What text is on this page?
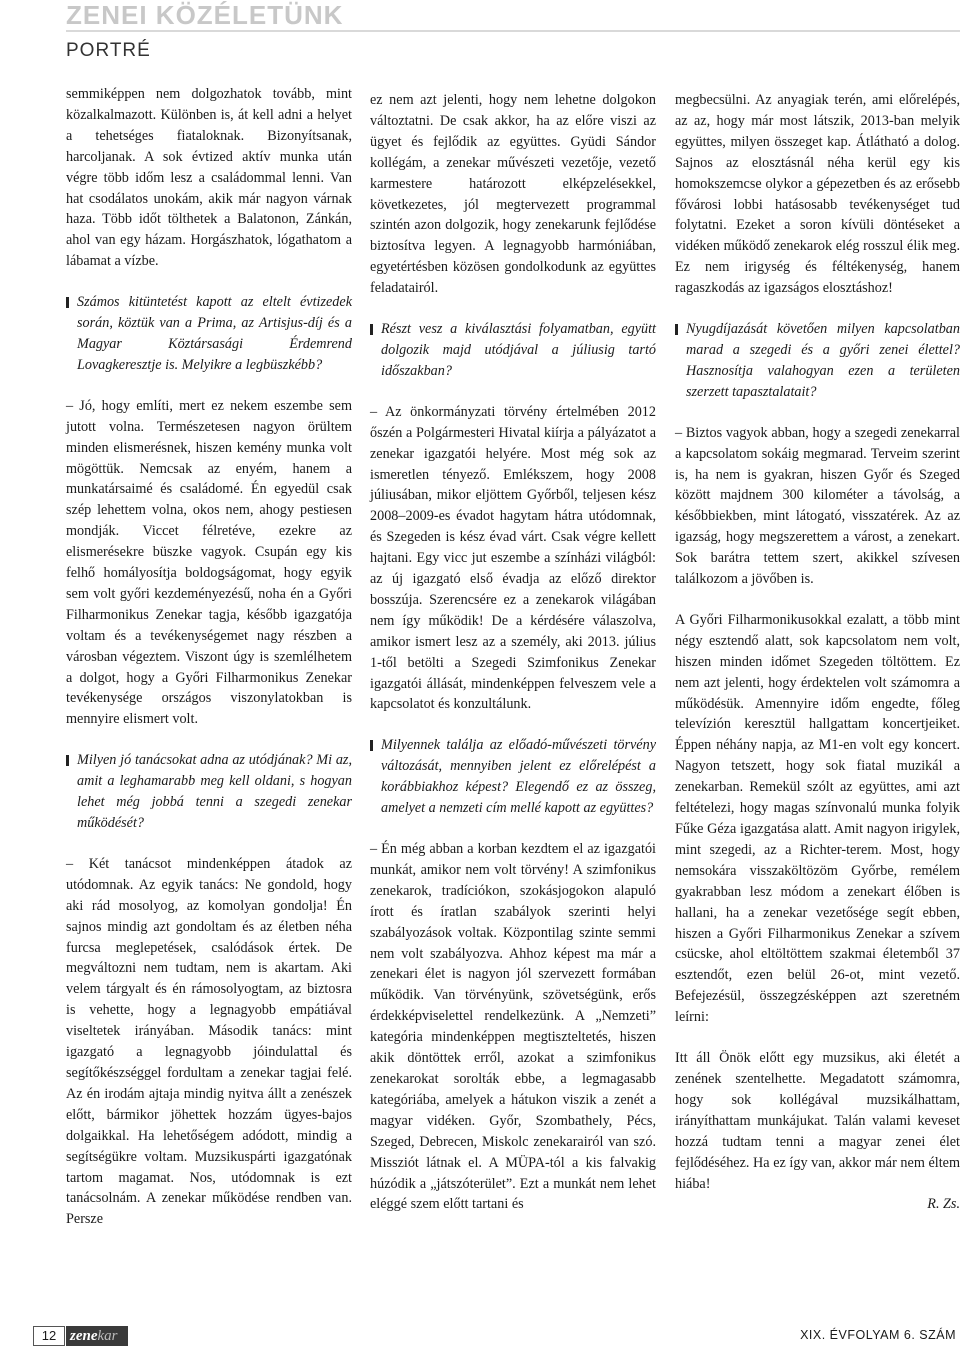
ZENEI KÖZÉLETÜNK
PORTRÉ

semmiképpen nem dolgozhatok tovább, mint közalkalmazott. Különben is, át kell adni a helyet a tehetséges fiataloknak. Bizonyítsanak, harcoljanak. A sok évtized aktív munka után végre több időm lesz a családommal lenni. Van hat csodálatos unokám, akik már nagyon várnak haza. Több időt tölthetek a Balatonon, Zánkán, ahol van egy házam. Horgászhatok, lógathatom a lábamat a vízbe.

Számos kitüntetést kapott az eltelt évtizedek során, köztük van a Prima, az Artisjus-díj és a Magyar Köztársasági Érdemrend Lovagkeresztje is. Melyikre a legbüszkébb?

– Jó, hogy említi, mert ez nekem eszembe sem jutott volna. Természetesen nagyon örültem minden elismerésnek, hiszen kemény munka volt mögöttük. Nemcsak az enyém, hanem a munkatársaimé és családomé. Én egyedül csak szép lehettem volna, okos nem, ahogy pestiesen mondják. Viccet félretéve, ezekre az elismerésekre büszke vagyok. Csupán egy kis felhő homályosítja boldogságomat, hogy egyik sem volt győri kezdeményezésű, noha én a Győri Filharmonikus Zenekar tagja, később igazgatója voltam és a tevékenységemet nagy részben a városban végeztem. Viszont úgy is szemlélhetem a dolgot, hogy a Győri Filharmonikus Zenekar tevékenysége országos viszonylatokban is mennyire elismert volt.

Milyen jó tanácsokat adna az utódjának? Mi az, amit a leghamarabb meg kell oldani, s hogyan lehet még jobbá tenni a szegedi zenekar működését?

– Két tanácsot mindenképpen átadok az utódomnak. Az egyik tanács: Ne gondold, hogy aki rád mosolyog, az komolyan gondolja! Én sajnos mindig azt gondoltam és az életben néha furcsa meglepetések, csalódások értek. De megváltozni nem tudtam, nem is akartam. Aki velem tárgyalt és én rámosolyogtam, az biztosra is vehette, hogy a legnagyobb empátiával viseltetek irányában. Második tanács: mint igazgató a legnagyobb jóindulattal és segítőkészséggel fordultam a zenekar tagjai felé. Az én irodám ajtaja mindig nyitva állt a zenészek előtt, bármikor jöhettek hozzám ügyes-bajos dolgaikkal. Ha lehetőségem adódott, mindig a segítségükre voltam. Muzsikuspárti igazgatónak tartom magamat. Nos, utódomnak is ezt tanácsolnám. A zenekar működése rendben van. Persze

ez nem azt jelenti, hogy nem lehetne dolgokon változtatni. De csak akkor, ha az előre viszi az ügyet és fejlődik az együttes. Gyüdi Sándor kollégám, a zenekar művészeti vezetője, vezető karmestere határozott elképzelésekkel, következetes, jól megtervezett programmal szintén azon dolgozik, hogy zenekarunk fejlődése biztosítva legyen. A legnagyobb harmóniában, egyetértésben közösen gondolkodunk az együttes feladatairól.

Részt vesz a kiválasztási folyamatban, együtt dolgozik majd utódjával a júliusig tartó időszakban?

– Az önkormányzati törvény értelmében 2012 őszén a Polgármesteri Hivatal kiírja a pályázatot a zenekar igazgatói helyére. Most még sok az ismeretlen tényező. Emlékszem, hogy 2008 júliusában, mikor eljöttem Győrből, teljesen kész 2008–2009-es évadot hagytam hátra utódomnak, és Szegeden is kész évad várt. Csak végre kellett hajtani. Egy vicc jut eszembe a színházi világból: az új igazgató első évadja az előző direktor bosszúja. Szerencsére ez a zenekarok világában nem így működik! De a kérdésére válaszolva, amikor ismert lesz az a személy, aki 2013. július 1-től betölti a Szegedi Szimfonikus Zenekar igazgatói állását, mindenképpen felveszem vele a kapcsolatot és konzultálunk.

Milyennek találja az előadó-művészeti törvény változását, mennyiben jelent ez előrelépést a korábbiakhoz képest? Elegendő ez az összeg, amelyet a nemzeti cím mellé kapott az együttes?

– Én még abban a korban kezdtem el az igazgatói munkát, amikor nem volt törvény! A szimfonikus zenekarok, tradíciókon, szokásjogokon alapuló írott és íratlan szabályok szerinti helyi szabályozások voltak. Központilag szinte semmi nem volt szabályozva. Ahhoz képest ma már a zenekari élet is nagyon jól szervezett formában működik. Van törvényünk, szövetségünk, erős érdekképviselettel rendelkezünk. A „Nemzeti” kategória mindenképpen megtiszteltetés, hiszen akik döntöttek erről, azokat a szimfonikus zenekarokat sorolták ebbe, a legmagasabb kategóriába, amelyek a hátukon viszik a zenét a magyar vidéken. Győr, Szombathely, Pécs, Szeged, Debrecen, Miskolc zenekarairól van szó. Missziót látnak el. A MÜPA-tól a kis falvakig húzódik a „játszóterület”. Ezt a munkát nem lehet eléggé szem előtt tartani és

megbecsülni. Az anyagiak terén, ami előrelépés, az az, hogy már most látszik, 2013-ban melyik együttes, milyen összeget kap. Átlátható a dolog. Sajnos az elosztásnál néha kerül egy kis homokszemcse olykor a gépezetben és az erősebb fővárosi lobbi hatásosabb tevékenységet tud folytatni. Ezeket a soron kívüli döntéseket a vidéken működő zenekarok elég rosszul élik meg. Ez nem irigység és féltékenység, hanem ragaszkodás az igazságos elosztáshoz!

Nyugdíjazását követően milyen kapcsolatban marad a szegedi és a győri zenei élettel? Hasznosítja valahogyan ezen a területen szerzett tapasztalatait?

– Biztos vagyok abban, hogy a szegedi zenekarral a kapcsolatom sokáig megmarad. Terveim szerint is, ha nem is gyakran, hiszen Győr és Szeged között majdnem 300 kilométer a távolság, a későbbiekben, mint látogató, visszatérek. Az az igazság, hogy megszerettem a várost, a zenekart. Sok barátra tettem szert, akikkel szívesen találkozom a jövőben is.

A Győri Filharmonikusokkal ezalatt, a több mint négy esztendő alatt, sok kapcsolatom nem volt, hiszen minden időmet Szegeden töltöttem. Ez nem azt jelenti, hogy érdektelen volt számomra a működésük. Amennyire időm engedte, főleg televízión keresztül hallgattam koncertjeiket. Éppen néhány napja, az M1-en volt egy koncert. Nagyon tetszett, hogy sok fiatal muzikál a zenekarban. Remekül szólt az együttes, ami azt feltételezi, hogy magas színvonalú munka folyik Fűke Géza igazgatása alatt. Amit nagyon irigylek, mint szegedi, az a Richter-terem. Most, hogy nemsokára visszaköltözöm Győrbe, remélem gyakrabban lesz módom a zenekart élőben is hallani, ha a zenekar vezetősége segít ebben, hiszen a Győri Filharmonikus Zenekar a szívem csücske, ahol eltöltöttem szakmai életemből 37 esztendőt, ezen belül 26-ot, mint vezető. Befejezésül, összegzésképpen azt szeretném leírni:

Itt áll Önök előtt egy muzsikus, aki életét a zenének szentelhette. Megadatott számomra, hogy sok kollégával muzsikálhattam, irányíthattam munkájukat. Talán valami keveset hozzá tudtam tenni a magyar zenei élet fejlődéséhez. Ha ez így van, akkor már nem éltem hiába!

R. Zs.

12 zenekar	XIX. ÉVFOLYAM 6. SZÁM
